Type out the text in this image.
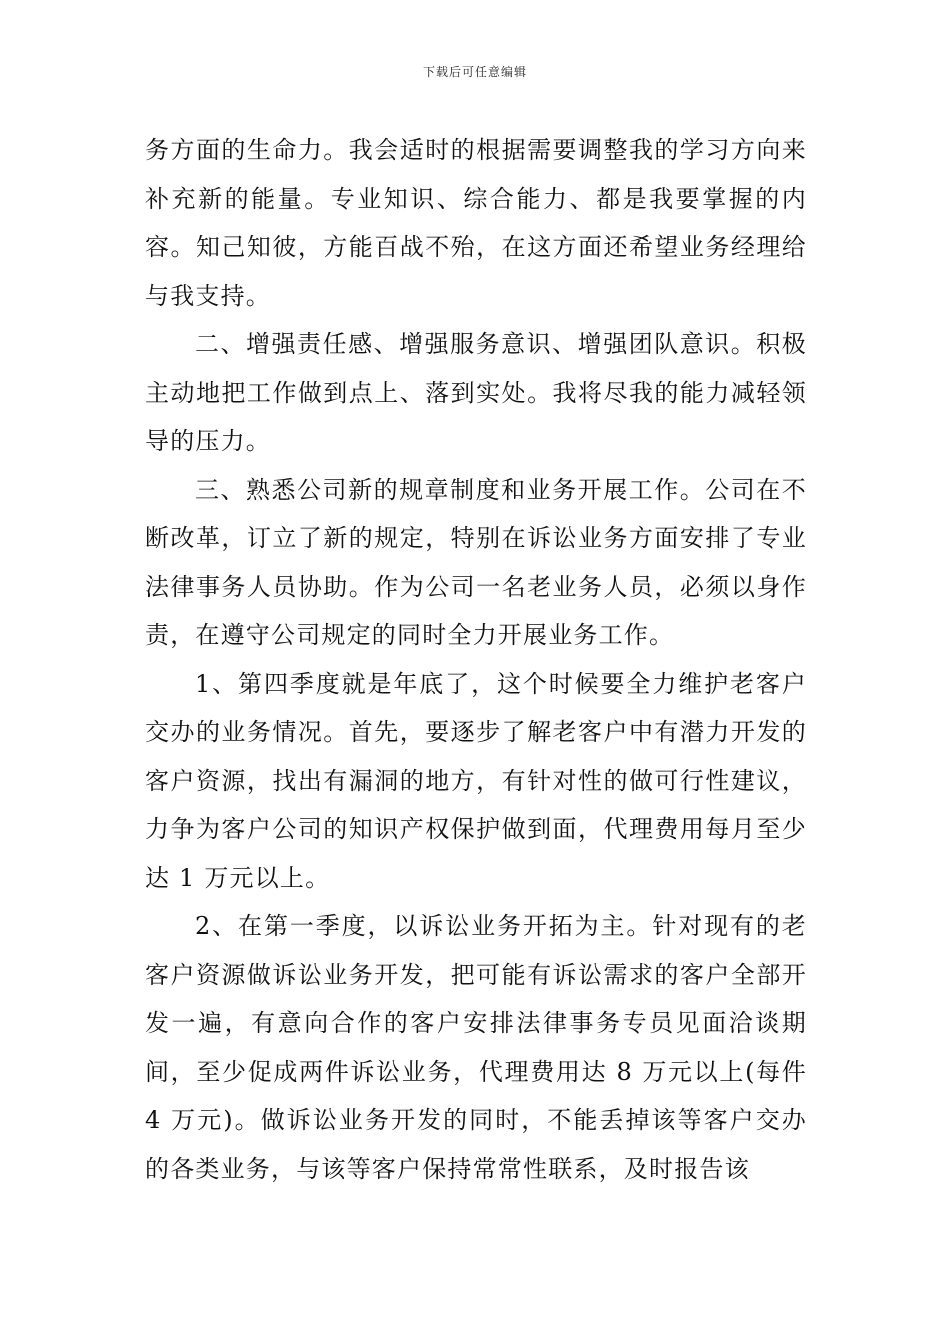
下载后可任意编辑

务方面的生命力。我会适时的根据需要调整我的学习方向来补充新的能量。专业知识、综合能力、都是我要掌握的内容。知己知彼，方能百战不殆，在这方面还希望业务经理给与我支持。

二、增强责任感、增强服务意识、增强团队意识。积极主动地把工作做到点上、落到实处。我将尽我的能力减轻领导的压力。

三、熟悉公司新的规章制度和业务开展工作。公司在不断改革，订立了新的规定，特别在诉讼业务方面安排了专业法律事务人员协助。作为公司一名老业务人员，必须以身作责，在遵守公司规定的同时全力开展业务工作。

1、第四季度就是年底了，这个时候要全力维护老客户交办的业务情况。首先，要逐步了解老客户中有潜力开发的客户资源，找出有漏洞的地方，有针对性的做可行性建议，力争为客户公司的知识产权保护做到面，代理费用每月至少达 1 万元以上。

2、在第一季度，以诉讼业务开拓为主。针对现有的老客户资源做诉讼业务开发，把可能有诉讼需求的客户全部开发一遍，有意向合作的客户安排法律事务专员见面洽谈期间，至少促成两件诉讼业务，代理费用达 8 万元以上(每件 4 万元)。做诉讼业务开发的同时，不能丢掉该等客户交办的各类业务，与该等客户保持常常性联系，及时报告该
